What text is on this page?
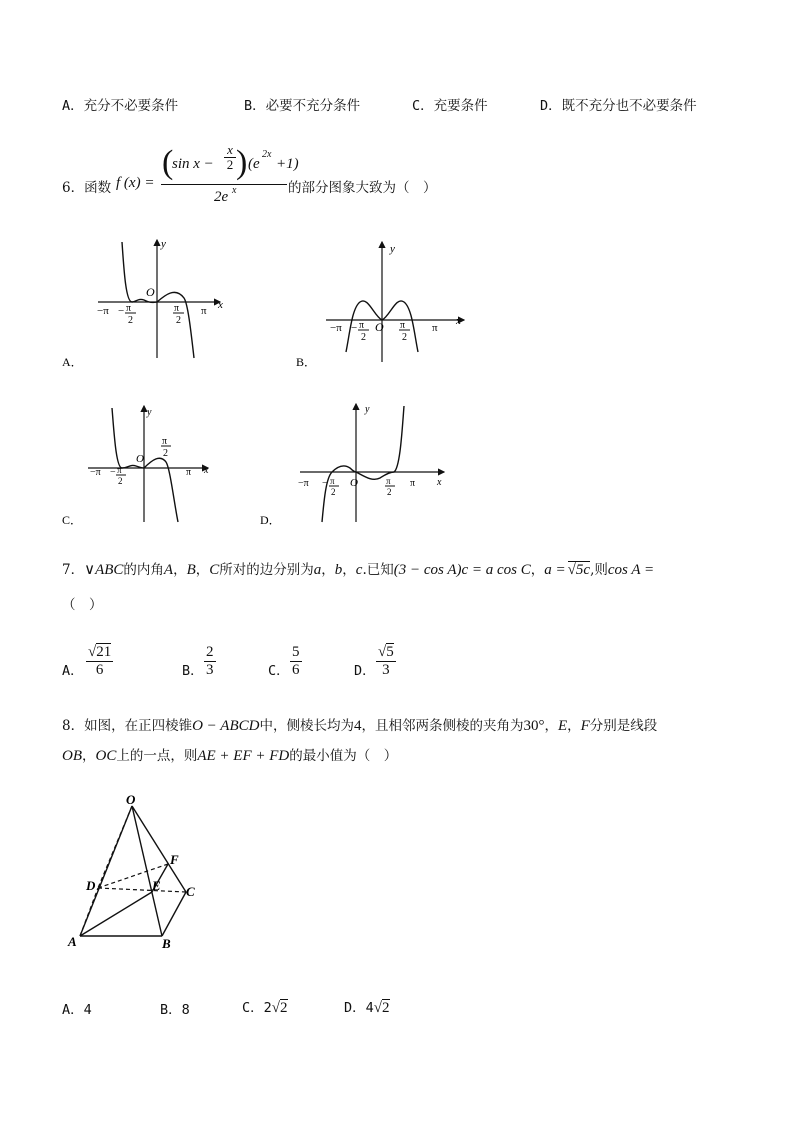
A．充分不必要条件	B．必要不充分条件	C．充要条件	D．既不充分也不必要条件
6．函数 f (x) =
(
sin x −
x
2 ) (e
2x
+1)
2e x	的部分图象大致为（　）
y
x
O
−π − π
2
π
2
π
A．
y
x
O
−π − π
2
π
2
π
B．
y
x
O
π
2
−π − π
2
π
C．
y
x
O
−π − π
2
π
2
π
D．
7．∨ABC的内角A，B，C所对的边分别为a，b，c.已知(3 − cos A)c = a cos C，a = √5c,则cos A =
（　）
A． $\frac{√21}{6}$	B． $\frac{2}{3}$	C． $\frac{5}{6}$	D． $\frac{√5}{3}$
8．如图，在正四棱锥O − ABCD中，侧棱长均为4，且相邻两条侧棱的夹角为30°，E，F分别是线段
OB，OC上的一点，则AE + EF + FD的最小值为（　）
O
F
D	E C
A	B
A．4	B．8	C．2√2	D．4√2
